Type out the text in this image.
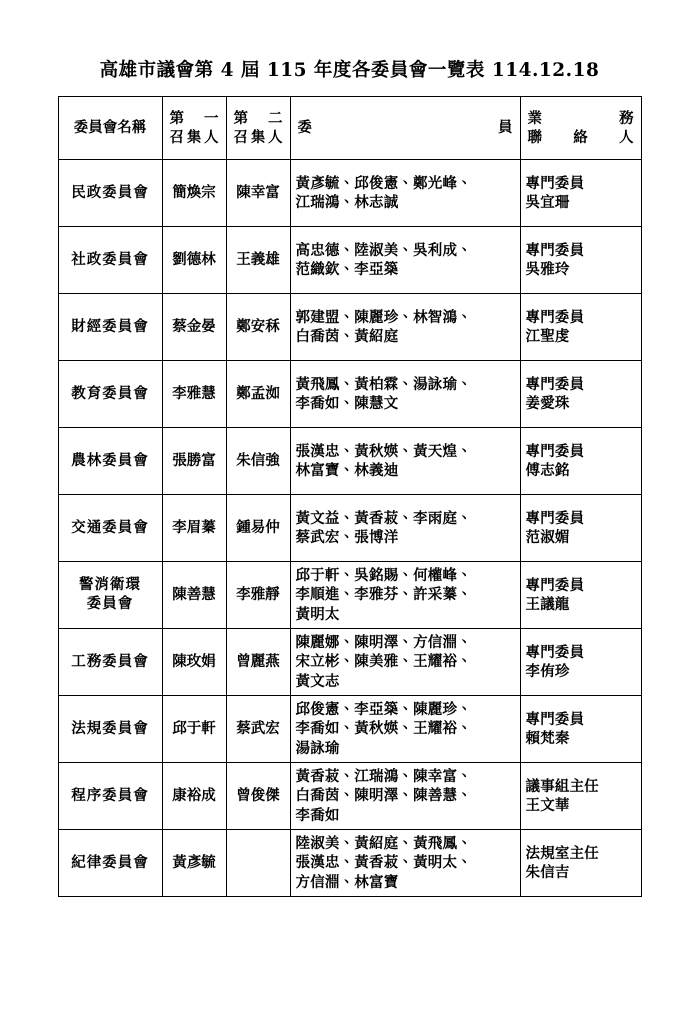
高雄市議會第 4 屆 115 年度各委員會一覽表 114.12.18
委員會名稱	第 一
召 集 人	第 二
召 集 人	委 員	業 務
聯 絡 人

民政委員會	簡煥宗	陳幸富	黃彥毓、邱俊憲、鄭光峰、
江瑞鴻、林志誠	專門委員
吳宜珊
社政委員會	劉德林	王義雄	高忠德、陸淑美、吳利成、
范織欽、李亞築	專門委員
吳雅玲
財經委員會	蔡金晏	鄭安秝	郭建盟、陳麗珍、林智鴻、
白喬茵、黃紹庭	專門委員
江聖虔
教育委員會	李雅慧	鄭孟洳	黃飛鳳、黃柏霖、湯詠瑜、
李喬如、陳慧文	專門委員
姜愛珠
農林委員會	張勝富	朱信強	張漢忠、黃秋媖、黃天煌、
林富寶、林義迪	專門委員
傅志銘
交通委員會	李眉蓁	鍾易仲	黃文益、黃香菽、李雨庭、
蔡武宏、張博洋	專門委員
范淑媚
警消衛環
委員會	陳善慧	李雅靜	邱于軒、吳銘賜、何權峰、
李順進、李雅芬、許采蓁、
黃明太	專門委員
王議龍
工務委員會	陳玫娟	曾麗燕	陳麗娜、陳明澤、方信淵、
宋立彬、陳美雅、王耀裕、
黃文志	專門委員
李侑珍
法規委員會	邱于軒	蔡武宏	邱俊憲、李亞築、陳麗珍、
李喬如、黃秋媖、王耀裕、
湯詠瑜	專門委員
賴梵秦
程序委員會	康裕成	曾俊傑	黃香菽、江瑞鴻、陳幸富、
白喬茵、陳明澤、陳善慧、
李喬如	議事組主任
王文華
紀律委員會	黃彥毓		陸淑美、黃紹庭、黃飛鳳、
張漢忠、黃香菽、黃明太、
方信淵、林富寶	法規室主任
朱信吉
